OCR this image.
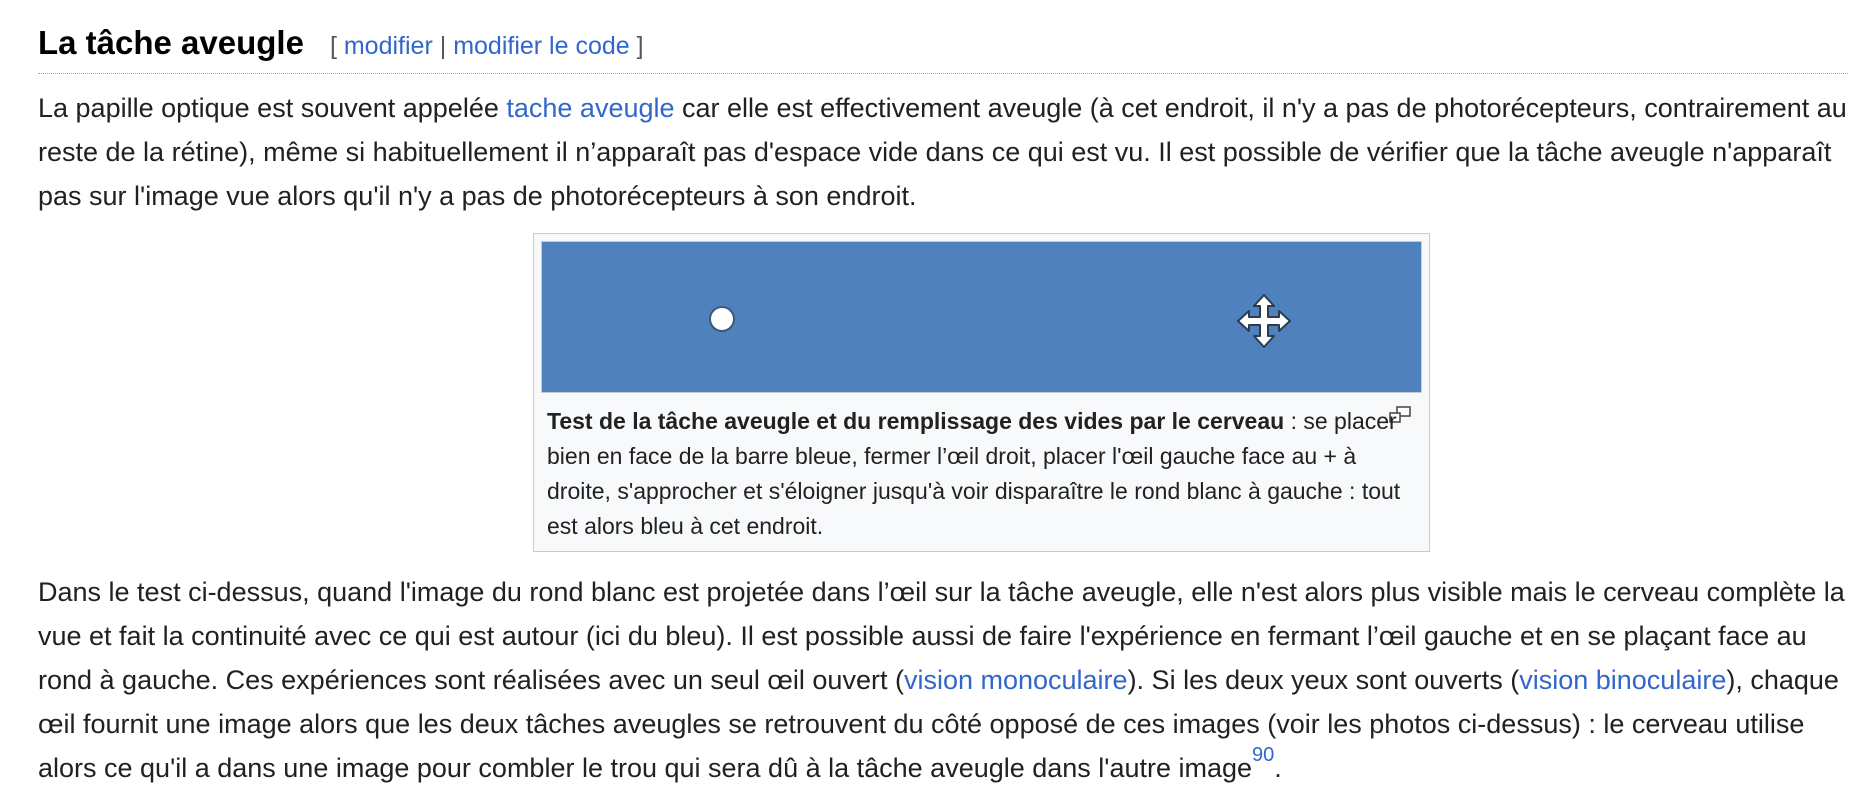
La tâche aveugle [ modifier | modifier le code ]

La papille optique est souvent appelée tache aveugle car elle est effectivement aveugle (à cet endroit, il n'y a pas de photorécepteurs, contrairement au reste de la rétine), même si habituellement il n’apparaît pas d'espace vide dans ce qui est vu. Il est possible de vérifier que la tâche aveugle n'apparaît pas sur l'image vue alors qu'il n'y a pas de photorécepteurs à son endroit.

Test de la tâche aveugle et du remplissage des vides par le cerveau : se placer bien en face de la barre bleue, fermer l’œil droit, placer l'œil gauche face au + à droite, s'approcher et s'éloigner jusqu'à voir disparaître le rond blanc à gauche : tout est alors bleu à cet endroit.

Dans le test ci-dessus, quand l'image du rond blanc est projetée dans l’œil sur la tâche aveugle, elle n'est alors plus visible mais le cerveau complète la vue et fait la continuité avec ce qui est autour (ici du bleu). Il est possible aussi de faire l'expérience en fermant l’œil gauche et en se plaçant face au rond à gauche. Ces expériences sont réalisées avec un seul œil ouvert (vision monoculaire). Si les deux yeux sont ouverts (vision binoculaire), chaque œil fournit une image alors que les deux tâches aveugles se retrouvent du côté opposé de ces images (voir les photos ci-dessus) : le cerveau utilise alors ce qu'il a dans une image pour combler le trou qui sera dû à la tâche aveugle dans l'autre image$^{90}$.
